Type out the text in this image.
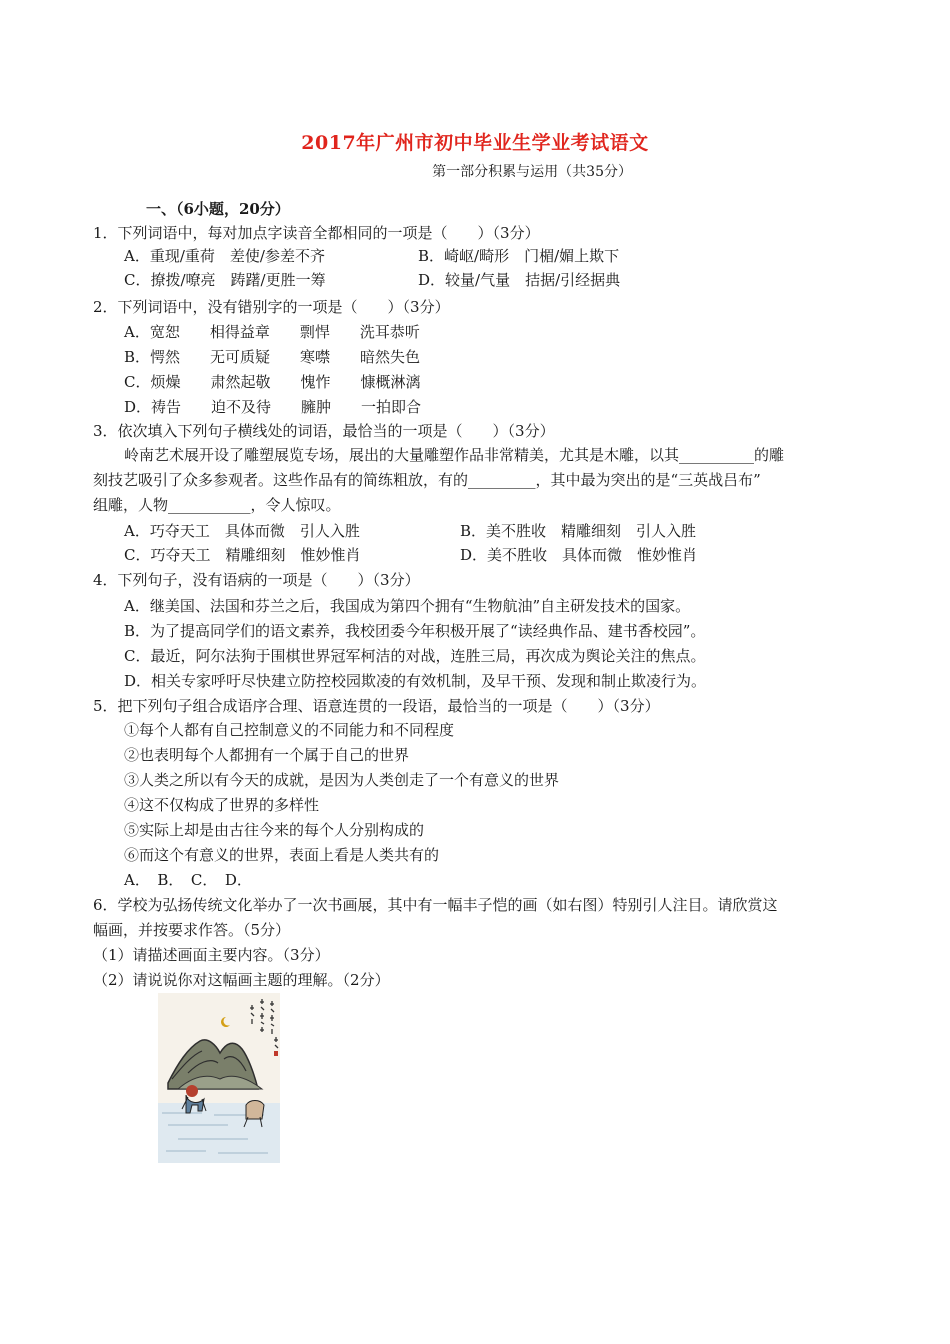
2017年广州市初中毕业生学业考试语文
第一部分积累与运用（共35分）
一、（6小题，20分）
1．下列词语中，每对加点字读音全都相同的一项是（　　）（3分）
A．重现/重荷　差使/参差不齐	B．崎岖/畸形　门楣/媚上欺下
C．撩拨/嘹亮　踌躇/更胜一筹	D．较量/气量　拮据/引经据典
2．下列词语中，没有错别字的一项是（　　）（3分）
A．宽恕　　相得益章　　剽悍　　洗耳恭听
B．愕然　　无可质疑　　寒噤　　暗然失色
C．烦燥　　肃然起敬　　愧怍　　慷概淋漓
D．祷告　　迫不及待　　臃肿　　一拍即合
3．依次填入下列句子横线处的词语，最恰当的一项是（　　）（3分）
岭南艺术展开设了雕塑展览专场，展出的大量雕塑作品非常精美，尤其是木雕，以其__________的雕
刻技艺吸引了众多参观者。这些作品有的简练粗放，有的_________，其中最为突出的是“三英战吕布”
组雕，人物___________，令人惊叹。
A．巧夺天工　具体而微　引人入胜	B．美不胜收　精雕细刻　引人入胜
C．巧夺天工　精雕细刻　惟妙惟肖	D．美不胜收　具体而微　惟妙惟肖
4．下列句子，没有语病的一项是（　　）（3分）
A．继美国、法国和芬兰之后，我国成为第四个拥有“生物航油”自主研发技术的国家。
B．为了提高同学们的语文素养，我校团委今年积极开展了“读经典作品、建书香校园”。
C．最近，阿尔法狗于围棋世界冠军柯洁的对战，连胜三局，再次成为舆论关注的焦点。
D．相关专家呼吁尽快建立防控校园欺凌的有效机制，及早干预、发现和制止欺凌行为。
5．把下列句子组合成语序合理、语意连贯的一段语，最恰当的一项是（　　）（3分）
①每个人都有自己控制意义的不同能力和不同程度
②也表明每个人都拥有一个属于自己的世界
③人类之所以有今天的成就，是因为人类创走了一个有意义的世界
④这不仅构成了世界的多样性
⑤实际上却是由古往今来的每个人分别构成的
⑥而这个有意义的世界，表面上看是人类共有的
A．　B．　C．　D．
6．学校为弘扬传统文化举办了一次书画展，其中有一幅丰子恺的画（如右图）特别引人注目。请欣赏这
幅画，并按要求作答。（5分）
（1）请描述画面主要内容。（3分）
（2）请说说你对这幅画主题的理解。（2分）
